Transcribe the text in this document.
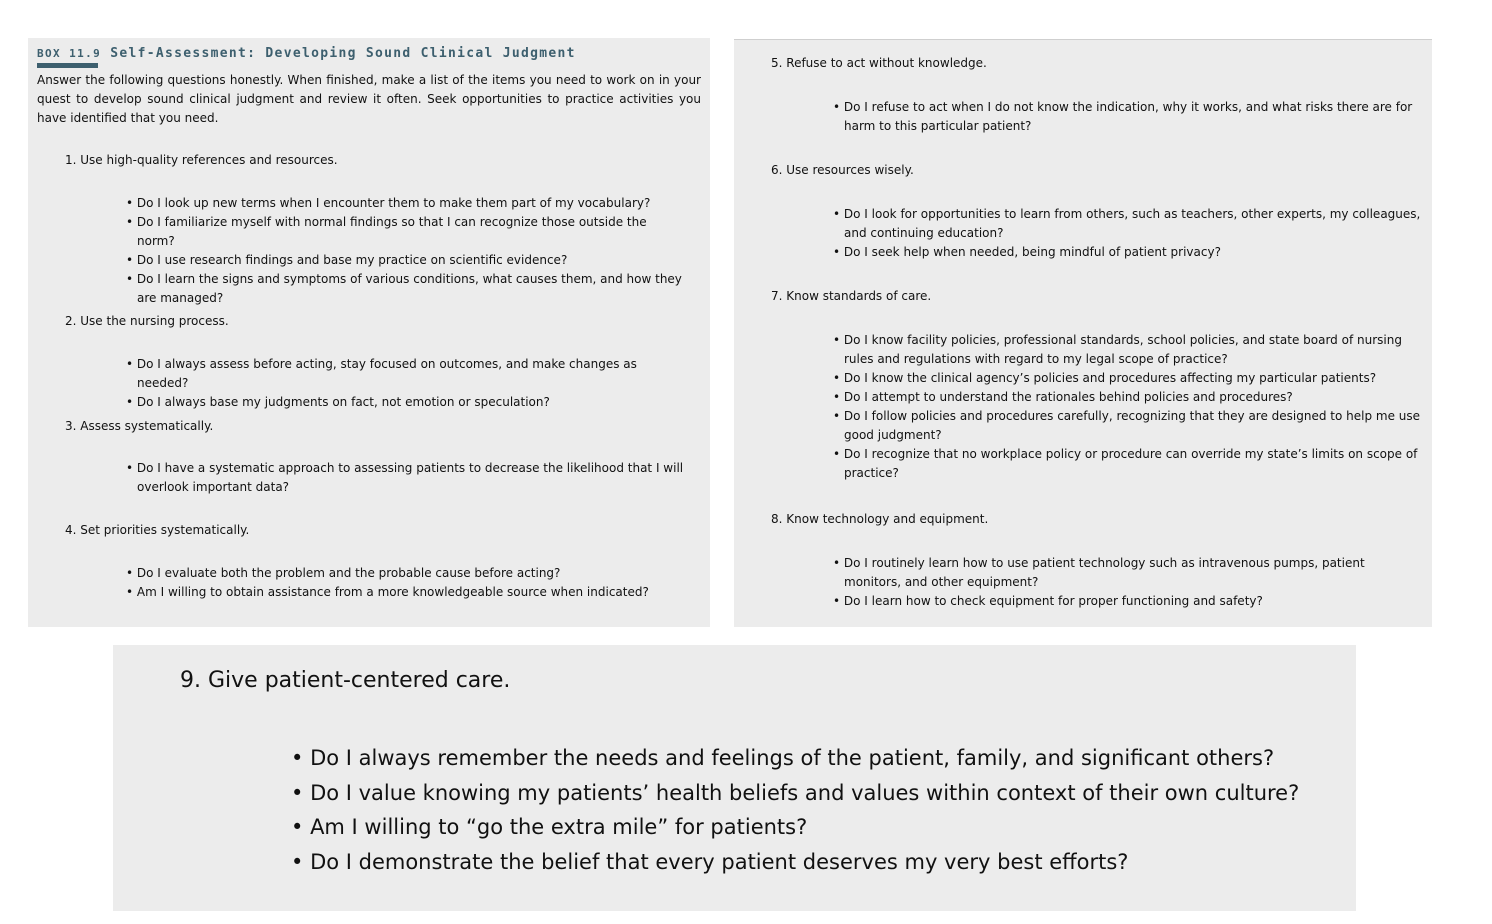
BOX 11.9 Self-Assessment: Developing Sound Clinical Judgment

Answer the following questions honestly. When finished, make a list of the items you need to work on in your quest to develop sound clinical judgment and review it often. Seek opportunities to practice activities you have identified that you need.

1. Use high-quality references and resources.

• Do I look up new terms when I encounter them to make them part of my vocabulary?
• Do I familiarize myself with normal findings so that I can recognize those outside the norm?
• Do I use research findings and base my practice on scientific evidence?
• Do I learn the signs and symptoms of various conditions, what causes them, and how they are managed?

2. Use the nursing process.

• Do I always assess before acting, stay focused on outcomes, and make changes as needed?
• Do I always base my judgments on fact, not emotion or speculation?

3. Assess systematically.

• Do I have a systematic approach to assessing patients to decrease the likelihood that I will overlook important data?

4. Set priorities systematically.

• Do I evaluate both the problem and the probable cause before acting?
• Am I willing to obtain assistance from a more knowledgeable source when indicated?

5. Refuse to act without knowledge.

• Do I refuse to act when I do not know the indication, why it works, and what risks there are for harm to this particular patient?

6. Use resources wisely.

• Do I look for opportunities to learn from others, such as teachers, other experts, my colleagues, and continuing education?
• Do I seek help when needed, being mindful of patient privacy?

7. Know standards of care.

• Do I know facility policies, professional standards, school policies, and state board of nursing rules and regulations with regard to my legal scope of practice?
• Do I know the clinical agency’s policies and procedures affecting my particular patients?
• Do I attempt to understand the rationales behind policies and procedures?
• Do I follow policies and procedures carefully, recognizing that they are designed to help me use good judgment?
• Do I recognize that no workplace policy or procedure can override my state’s limits on scope of practice?

8. Know technology and equipment.

• Do I routinely learn how to use patient technology such as intravenous pumps, patient monitors, and other equipment?
• Do I learn how to check equipment for proper functioning and safety?

9. Give patient-centered care.

• Do I always remember the needs and feelings of the patient, family, and significant others?
• Do I value knowing my patients’ health beliefs and values within context of their own culture?
• Am I willing to “go the extra mile” for patients?
• Do I demonstrate the belief that every patient deserves my very best efforts?
